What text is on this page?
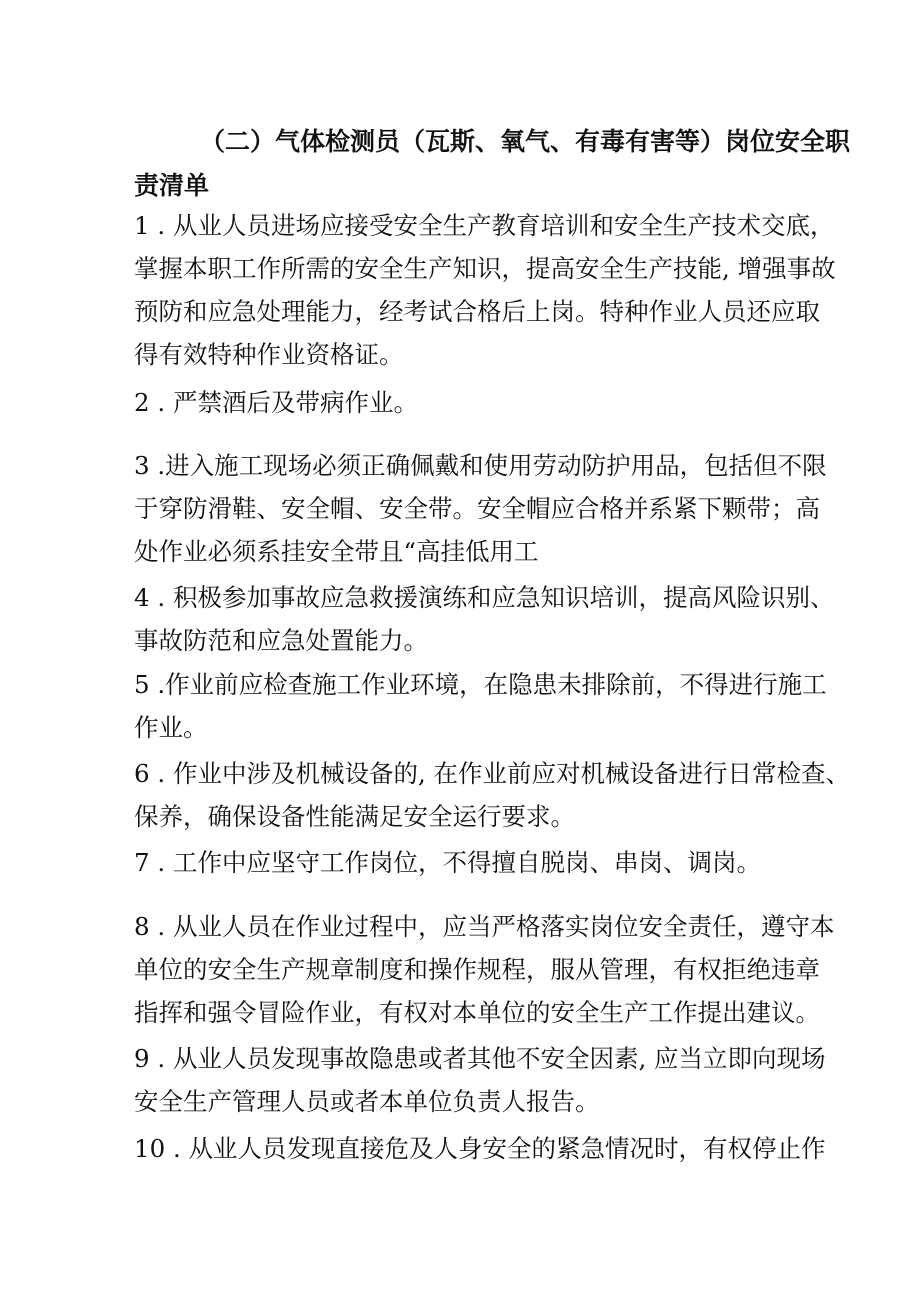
（二）气体检测员（瓦斯、氧气、有毒有害等）岗位安全职
责清单
1 . 从业人员进场应接受安全生产教育培训和安全生产技术交底，
掌握本职工作所需的安全生产知识，提高安全生产技能, 增强事故
预防和应急处理能力，经考试合格后上岗。特种作业人员还应取
得有效特种作业资格证。
2 . 严禁酒后及带病作业。
3 .进入施工现场必须正确佩戴和使用劳动防护用品，包括但不限
于穿防滑鞋、安全帽、安全带。安全帽应合格并系紧下颗带；高
处作业必须系挂安全带且“高挂低用工
4 . 积极参加事故应急救援演练和应急知识培训，提高风险识别、
事故防范和应急处置能力。
5 .作业前应检查施工作业环境，在隐患未排除前，不得进行施工
作业。
6 . 作业中涉及机械设备的, 在作业前应对机械设备进行日常检查、
保养，确保设备性能满足安全运行要求。
7 . 工作中应坚守工作岗位，不得擅自脱岗、串岗、调岗。
8 . 从业人员在作业过程中，应当严格落实岗位安全责任，遵守本
单位的安全生产规章制度和操作规程，服从管理，有权拒绝违章
指挥和强令冒险作业，有权对本单位的安全生产工作提出建议。
9 . 从业人员发现事故隐患或者其他不安全因素, 应当立即向现场
安全生产管理人员或者本单位负责人报告。
10 . 从业人员发现直接危及人身安全的紧急情况时，有权停止作
